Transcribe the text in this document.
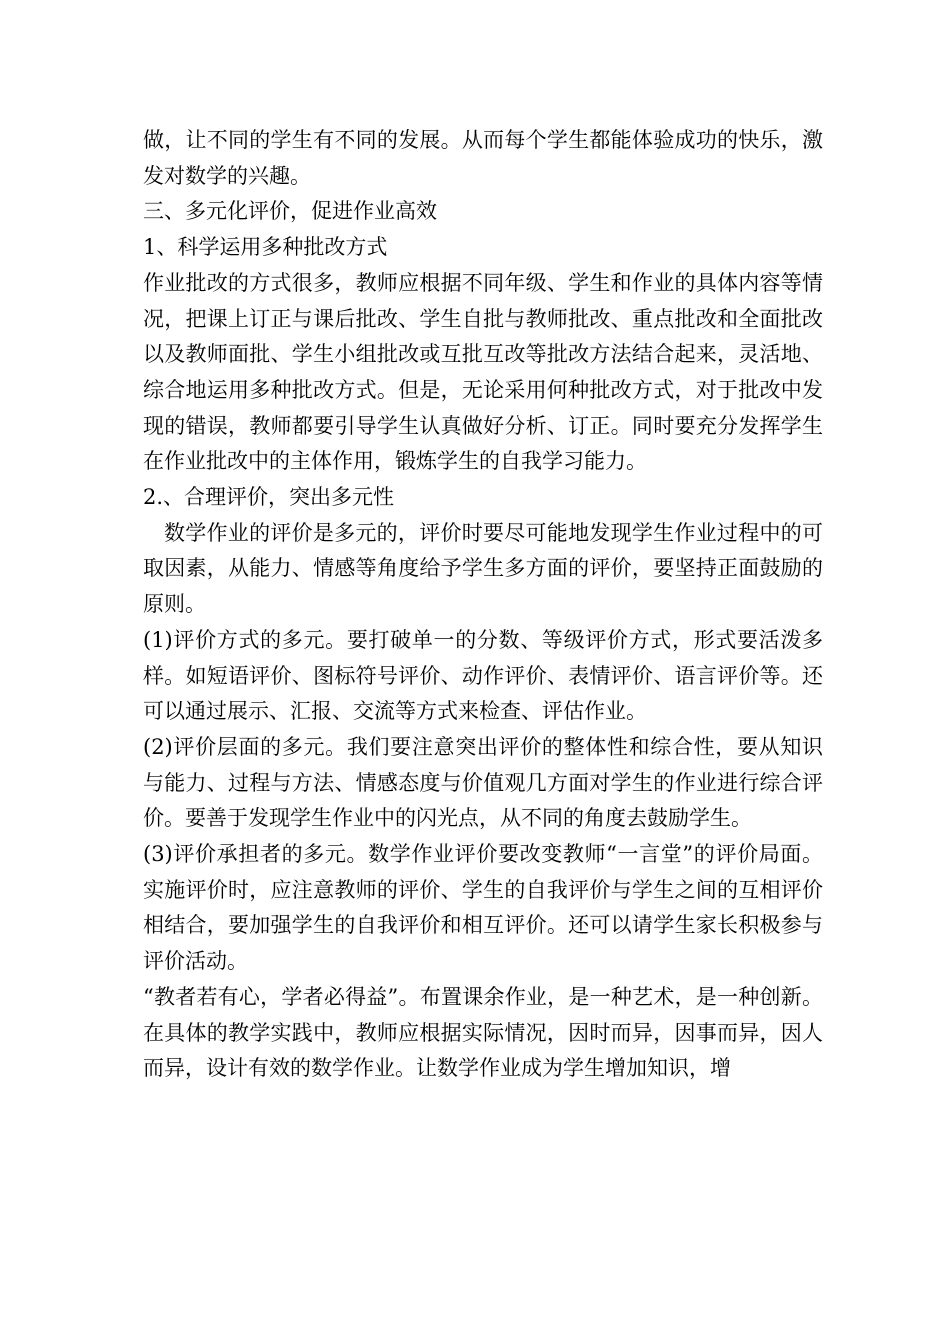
做，让不同的学生有不同的发展。从而每个学生都能体验成功的快乐，激发对数学的兴趣。

三、多元化评价，促进作业高效

1、科学运用多种批改方式

作业批改的方式很多，教师应根据不同年级、学生和作业的具体内容等情况，把课上订正与课后批改、学生自批与教师批改、重点批改和全面批改以及教师面批、学生小组批改或互批互改等批改方法结合起来，灵活地、综合地运用多种批改方式。但是，无论采用何种批改方式，对于批改中发现的错误，教师都要引导学生认真做好分析、订正。同时要充分发挥学生在作业批改中的主体作用，锻炼学生的自我学习能力。

2.、合理评价，突出多元性

数学作业的评价是多元的，评价时要尽可能地发现学生作业过程中的可取因素，从能力、情感等角度给予学生多方面的评价，要坚持正面鼓励的原则。

(1)评价方式的多元。要打破单一的分数、等级评价方式，形式要活泼多样。如短语评价、图标符号评价、动作评价、表情评价、语言评价等。还可以通过展示、汇报、交流等方式来检查、评估作业。

(2)评价层面的多元。我们要注意突出评价的整体性和综合性，要从知识与能力、过程与方法、情感态度与价值观几方面对学生的作业进行综合评价。要善于发现学生作业中的闪光点，从不同的角度去鼓励学生。

(3)评价承担者的多元。数学作业评价要改变教师“一言堂”的评价局面。实施评价时，应注意教师的评价、学生的自我评价与学生之间的互相评价相结合，要加强学生的自我评价和相互评价。还可以请学生家长积极参与评价活动。

“教者若有心，学者必得益”。布置课余作业，是一种艺术，是一种创新。在具体的教学实践中，教师应根据实际情况，因时而异，因事而异，因人而异，设计有效的数学作业。让数学作业成为学生增加知识，增
